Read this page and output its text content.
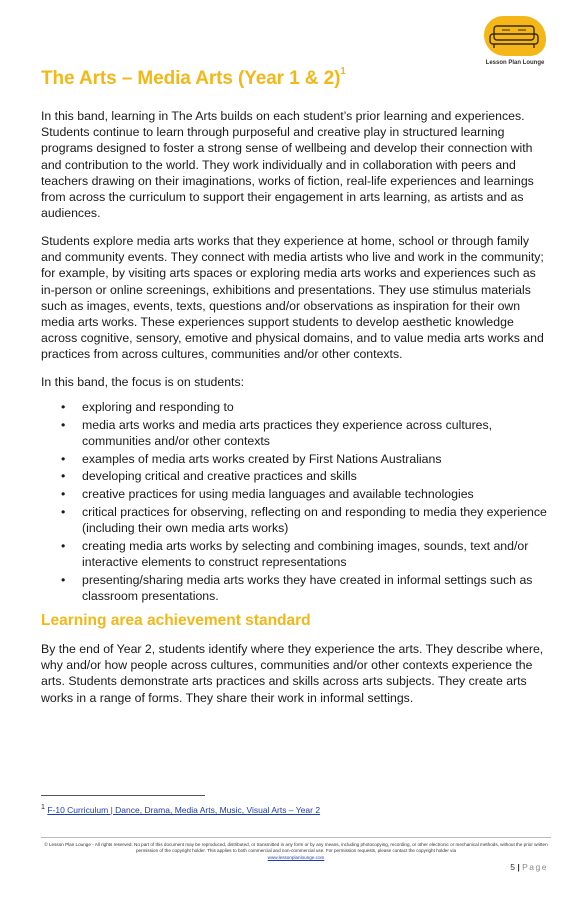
Lesson Plan Lounge
The Arts – Media Arts (Year 1 & 2)$^1$

In this band, learning in The Arts builds on each student’s prior learning and experiences. Students continue to learn through purposeful and creative play in structured learning programs designed to foster a strong sense of wellbeing and develop their connection with and contribution to the world. They work individually and in collaboration with peers and teachers drawing on their imaginations, works of fiction, real-life experiences and learnings from across the curriculum to support their engagement in arts learning, as artists and as audiences.

Students explore media arts works that they experience at home, school or through family and community events. They connect with media artists who live and work in the community; for example, by visiting arts spaces or exploring media arts works and experiences such as in-person or online screenings, exhibitions and presentations. They use stimulus materials such as images, events, texts, questions and/or observations as inspiration for their own media arts works. These experiences support students to develop aesthetic knowledge across cognitive, sensory, emotive and physical domains, and to value media arts works and practices from across cultures, communities and/or other contexts.

In this band, the focus is on students:

• exploring and responding to
• media arts works and media arts practices they experience across cultures, communities and/or other contexts
• examples of media arts works created by First Nations Australians
• developing critical and creative practices and skills
• creative practices for using media languages and available technologies
• critical practices for observing, reflecting on and responding to media they experience (including their own media arts works)
• creating media arts works by selecting and combining images, sounds, text and/or interactive elements to construct representations
• presenting/sharing media arts works they have created in informal settings such as classroom presentations.
Learning area achievement standard

By the end of Year 2, students identify where they experience the arts. They describe where, why and/or how people across cultures, communities and/or other contexts experience the arts. Students demonstrate arts practices and skills across arts subjects. They create arts works in a range of forms. They share their work in informal settings.

$^1$ F-10 Curriculum | Dance, Drama, Media Arts, Music, Visual Arts – Year 2
© Lesson Plan Lounge - All rights reserved. No part of this document may be reproduced, distributed, or transmitted in any form or by any means, including photocopying, recording, or other electronic or mechanical methods, without the prior written permission of the copyright holder. This applies to both commercial and non-commercial use. For permission requests, please contact the copyright holder via
www.lessonplanlounge.com
5 | Page
